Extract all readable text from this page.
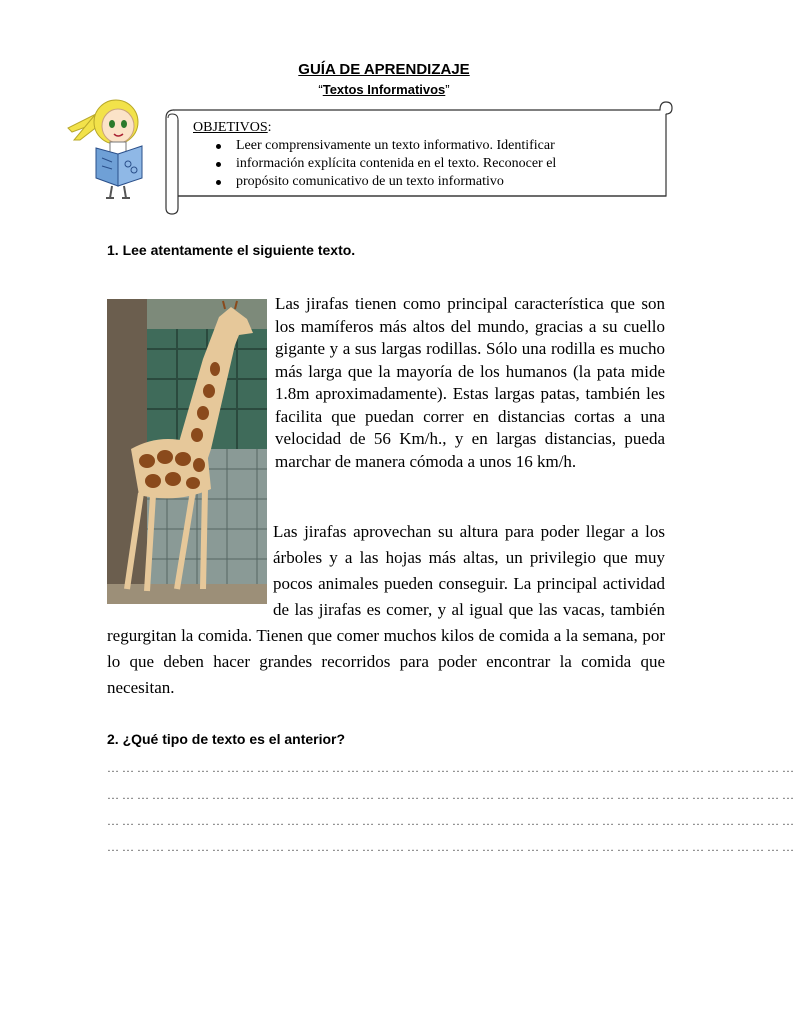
GUÍA DE APRENDIZAJE
“Textos Informativos”
OBJETIVOS:
Leer comprensivamente un texto informativo. Identificar
información explícita contenida en el texto. Reconocer el
propósito comunicativo de un texto informativo
1. Lee atentamente el siguiente texto.

Las jirafas tienen como principal característica que son los mamíferos más altos del mundo, gracias a su cuello gigante y a sus largas rodillas. Sólo una rodilla es mucho más larga que la mayoría de los humanos (la pata mide 1.8m aproximadamente). Estas largas patas, también les facilita que puedan correr en distancias cortas a una velocidad de 56 Km/h., y en largas distancias, pueda marchar de manera cómoda a unos 16 km/h.

Las jirafas aprovechan su altura para poder llegar a los árboles y a las hojas más altas, un privilegio que muy pocos animales pueden conseguir. La principal actividad de las jirafas es comer, y al igual que las vacas, también regurgitan la comida. Tienen que comer muchos kilos de comida a la semana, por lo que deben hacer grandes recorridos para poder encontrar la comida que necesitan.

2. ¿Qué tipo de texto es el anterior?
… … … … … … … … … … … … … … … … … … … … … … … … … … … … … … … … … … … … … … … … … … … … … …
… … … … … … … … … … … … … … … … … … … … … … … … … … … … … … … … … … … … … … … … … … … … … …
… … … … … … … … … … … … … … … … … … … … … … … … … … … … … … … … … … … … … … … … … … … … … …
… … … … … … … … … … … … … … … … … … … … … … … … … … … … … … … … … … … … … … … … … … … … … …
